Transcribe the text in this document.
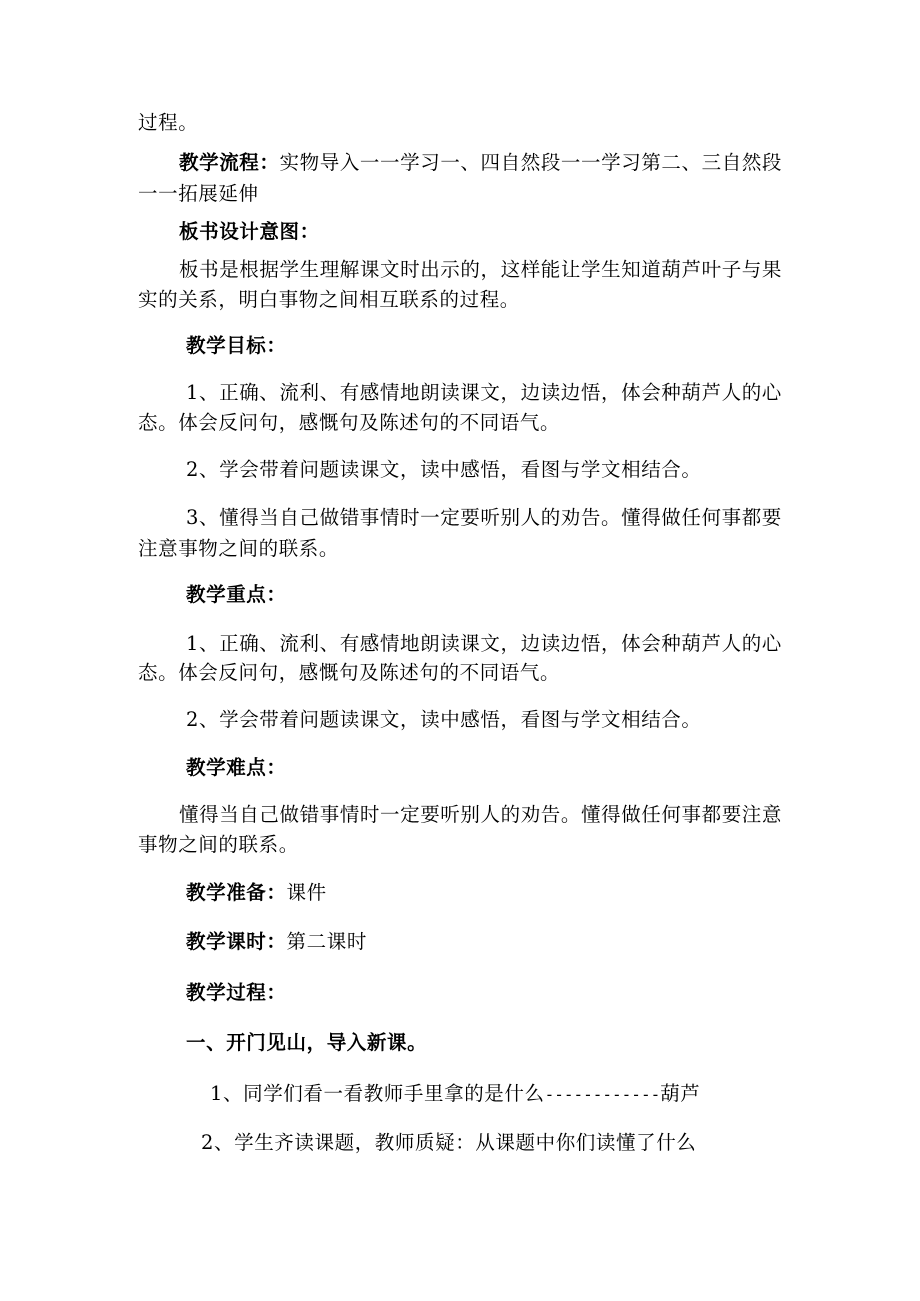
过程。
教学流程：实物导入一一学习一、四自然段一一学习第二、三自然段
一一拓展延伸
板书设计意图：
板书是根据学生理解课文时出示的，这样能让学生知道葫芦叶子与果
实的关系，明白事物之间相互联系的过程。
教学目标：
1、正确、流利、有感情地朗读课文，边读边悟，体会种葫芦人的心
态。体会反问句，感慨句及陈述句的不同语气。
2、学会带着问题读课文，读中感悟，看图与学文相结合。
3、懂得当自己做错事情时一定要听别人的劝告。懂得做任何事都要
注意事物之间的联系。
教学重点：
1、正确、流利、有感情地朗读课文，边读边悟，体会种葫芦人的心
态。体会反问句，感慨句及陈述句的不同语气。
2、学会带着问题读课文，读中感悟，看图与学文相结合。
教学难点：
懂得当自己做错事情时一定要听别人的劝告。懂得做任何事都要注意
事物之间的联系。
教学准备：课件
教学课时：第二课时
教学过程：
一、开门见山，导入新课。
1、同学们看一看教师手里拿的是什么------------葫芦
2、学生齐读课题，教师质疑：从课题中你们读懂了什么
